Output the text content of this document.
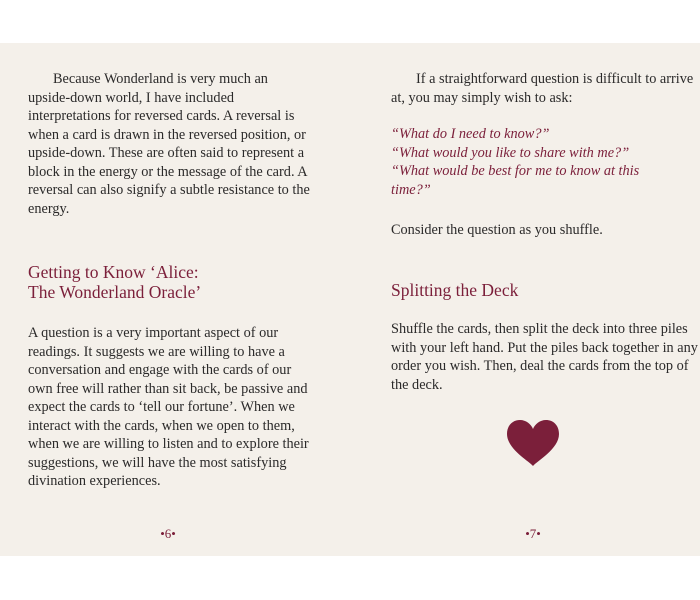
Because Wonderland is very much an upside-down world, I have included interpretations for reversed cards. A reversal is when a card is drawn in the reversed position, or upside-down. These are often said to represent a block in the energy or the message of the card. A reversal can also signify a subtle resistance to the energy.

Getting to Know ‘Alice:
The Wonderland Oracle’

A question is a very important aspect of our readings. It suggests we are willing to have a conversation and engage with the cards of our own free will rather than sit back, be passive and expect the cards to ‘tell our fortune’. When we interact with the cards, when we open to them, when we are willing to listen and to explore their suggestions, we will have the most satisfying divination experiences.

•6•

If a straightforward question is difficult to arrive at, you may simply wish to ask:

“What do I need to know?”
“What would you like to share with me?”
“What would be best for me to know at this time?”

Consider the question as you shuffle.

Splitting the Deck

Shuffle the cards, then split the deck into three piles with your left hand. Put the piles back together in any order you wish. Then, deal the cards from the top of the deck.

•7•
